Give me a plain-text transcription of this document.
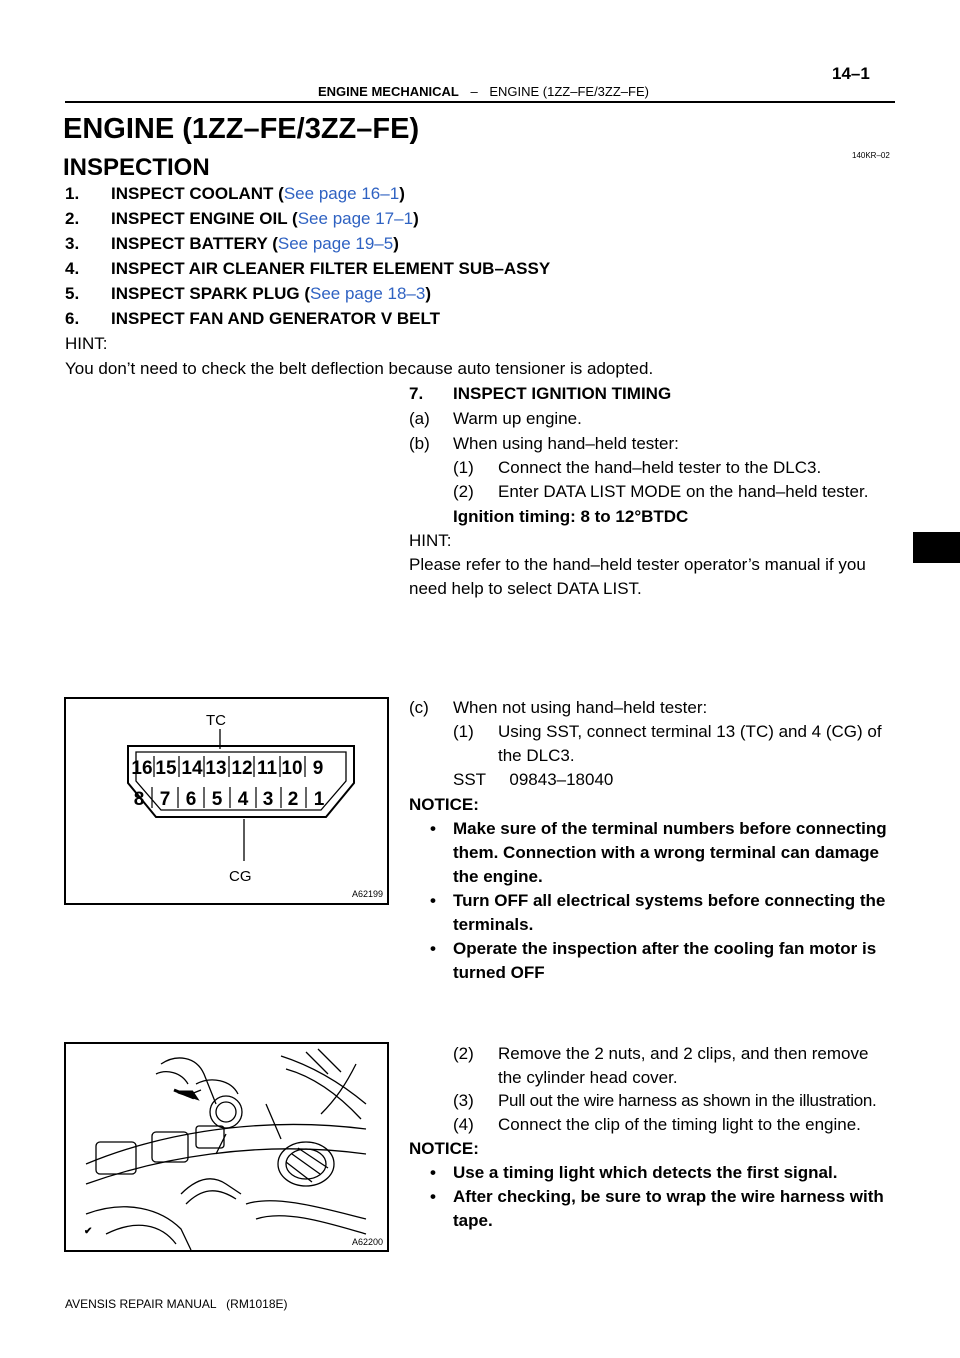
14–1
ENGINE MECHANICAL – ENGINE (1ZZ–FE/3ZZ–FE)
ENGINE (1ZZ–FE/3ZZ–FE)
140KR–02
INSPECTION
1. INSPECT COOLANT (See page 16–1)
2. INSPECT ENGINE OIL (See page 17–1)
3. INSPECT BATTERY (See page 19–5)
4. INSPECT AIR CLEANER FILTER ELEMENT SUB–ASSY
5. INSPECT SPARK PLUG (See page 18–3)
6. INSPECT FAN AND GENERATOR V BELT
HINT:
You don’t need to check the belt deflection because auto tensioner is adopted.
7. INSPECT IGNITION TIMING
(a) Warm up engine.
(b) When using hand–held tester:
(1) Connect the hand–held tester to the DLC3.
(2) Enter DATA LIST MODE on the hand–held tester.
Ignition timing: 8 to 12°BTDC
HINT:
Please refer to the hand–held tester operator’s manual if you
need help to select DATA LIST.
TC
CG
16 15 14 13 12 11 10 9
8 7 6 5 4 3 2 1
A62199
(c) When not using hand–held tester:
(1) Using SST, connect terminal 13 (TC) and 4 (CG) of
the DLC3.
SST     09843–18040
NOTICE:
• Make sure of the terminal numbers before connecting
them. Connection with a wrong terminal can damage
the engine.
• Turn OFF all electrical systems before connecting the
terminals.
• Operate the inspection after the cooling fan motor is
turned OFF
✔
A62200
(2) Remove the 2 nuts, and 2 clips, and then remove
the cylinder head cover.
(3) Pull out the wire harness as shown in the illustration.
(4) Connect the clip of the timing light to the engine.
NOTICE:
• Use a timing light which detects the first signal.
• After checking, be sure to wrap the wire harness with
tape.
AVENSIS REPAIR MANUAL   (RM1018E)
